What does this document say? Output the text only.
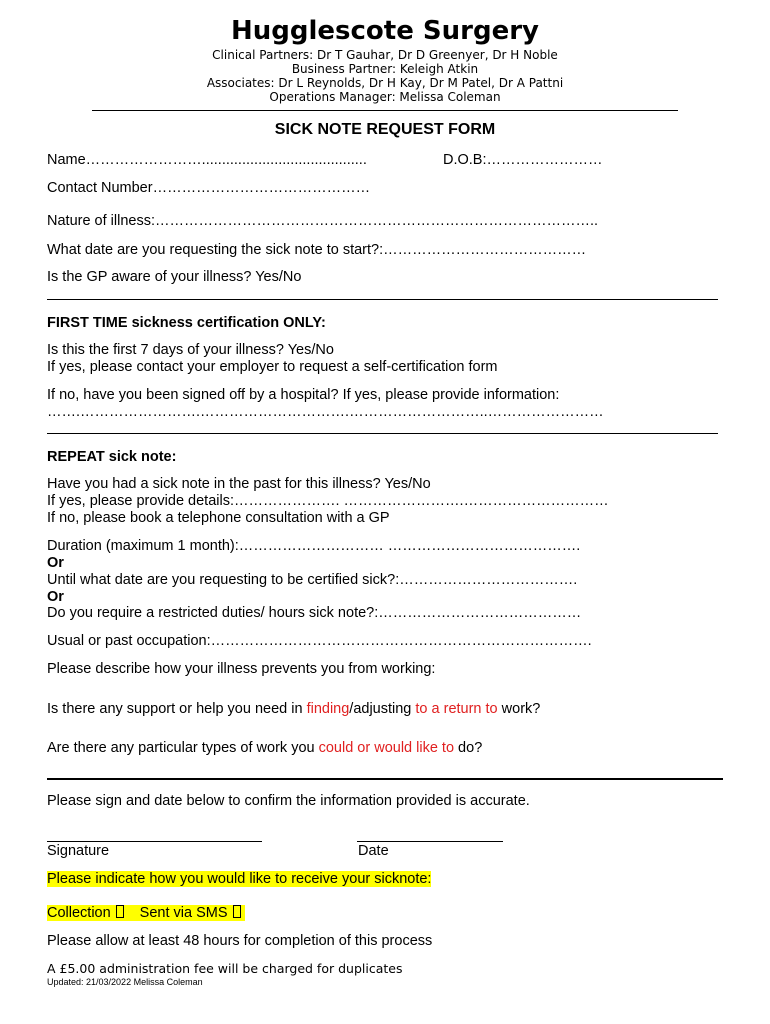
Hugglescote Surgery
Clinical Partners: Dr T Gauhar, Dr D Greenyer, Dr H Noble
Business Partner: Keleigh Atkin
Associates: Dr L Reynolds, Dr H Kay, Dr M Patel, Dr A Pattni
Operations Manager: Melissa Coleman
SICK NOTE REQUEST FORM
Name…………………….........................................	D.O.B:……………………
Contact Number………………………………………
Nature of illness:………………………………………………………………………………..
What date are you requesting the sick note to start?:……………………………………
Is the GP aware of your illness? Yes/No
FIRST TIME sickness certification ONLY:
Is this the first 7 days of your illness? Yes/No
If yes, please contact your employer to request a self-certification form
If no, have you been signed off by a hospital? If yes, please provide information:
…….…………………….………………………….………………………..……………………
REPEAT sick note:
Have you had a sick note in the past for this illness? Yes/No
If yes, please provide details:…………………. …………………….…………………………
If no, please book a telephone consultation with a GP
Duration (maximum 1 month):………………………… ………………………………….
Or
Until what date are you requesting to be certified sick?:……………………………….
Or
Do you require a restricted duties/ hours sick note?:……………………………………
Usual or past occupation:…………………………………………………………………….
Please describe how your illness prevents you from working:
Is there any support or help you need in finding/adjusting to a return to work?
Are there any particular types of work you could or would like to do?
Please sign and date below to confirm the information provided is accurate.
Signature	Date
Please indicate how you would like to receive your sicknote:
Collection Sent via SMS
Please allow at least 48 hours for completion of this process
A £5.00 administration fee will be charged for duplicates
Updated: 21/03/2022 Melissa Coleman
